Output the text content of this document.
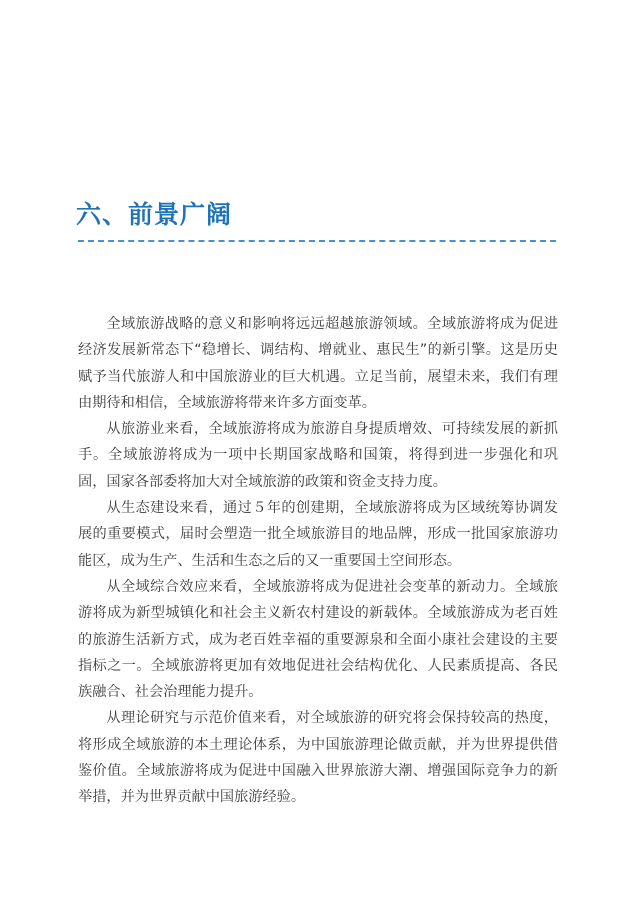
六、前景广阔

全域旅游战略的意义和影响将远远超越旅游领域。全域旅游将成为促进经济发展新常态下“稳增长、调结构、增就业、惠民生”的新引擎。这是历史赋予当代旅游人和中国旅游业的巨大机遇。立足当前，展望未来，我们有理由期待和相信，全域旅游将带来许多方面变革。

从旅游业来看，全域旅游将成为旅游自身提质增效、可持续发展的新抓手。全域旅游将成为一项中长期国家战略和国策，将得到进一步强化和巩固，国家各部委将加大对全域旅游的政策和资金支持力度。

从生态建设来看，通过５年的创建期，全域旅游将成为区域统筹协调发展的重要模式，届时会塑造一批全域旅游目的地品牌，形成一批国家旅游功能区，成为生产、生活和生态之后的又一重要国土空间形态。

从全域综合效应来看，全域旅游将成为促进社会变革的新动力。全域旅游将成为新型城镇化和社会主义新农村建设的新载体。全域旅游成为老百姓的旅游生活新方式，成为老百姓幸福的重要源泉和全面小康社会建设的主要指标之一。全域旅游将更加有效地促进社会结构优化、人民素质提高、各民族融合、社会治理能力提升。

从理论研究与示范价值来看，对全域旅游的研究将会保持较高的热度，将形成全域旅游的本土理论体系，为中国旅游理论做贡献，并为世界提供借鉴价值。全域旅游将成为促进中国融入世界旅游大潮、增强国际竞争力的新举措，并为世界贡献中国旅游经验。
